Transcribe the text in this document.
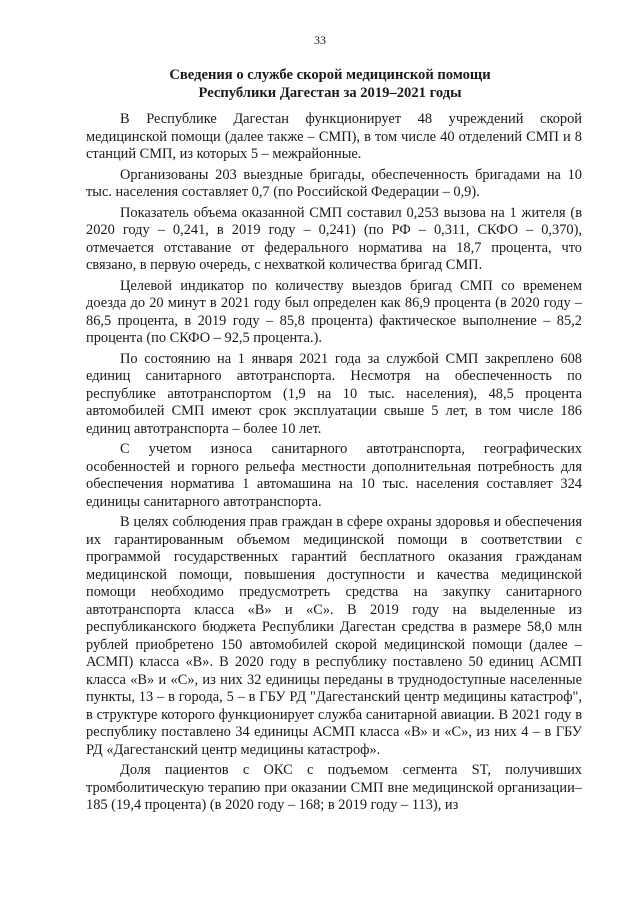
33
Сведения о службе скорой медицинской помощи
Республики Дагестан за 2019–2021 годы

В Республике Дагестан функционирует 48 учреждений скорой медицинской помощи (далее также – СМП), в том числе 40 отделений СМП и 8 станций СМП, из которых 5 – межрайонные.

Организованы 203 выездные бригады, обеспеченность бригадами на 10 тыс. населения составляет 0,7 (по Российской Федерации – 0,9).

Показатель объема оказанной СМП составил 0,253 вызова на 1 жителя (в 2020 году – 0,241, в 2019 году – 0,241) (по РФ – 0,311, СКФО – 0,370), отмечается отставание от федерального норматива на 18,7 процента, что связано, в первую очередь, с нехваткой количества бригад СМП.

Целевой индикатор по количеству выездов бригад СМП со временем доезда до 20 минут в 2021 году был определен как 86,9 процента (в 2020 году – 86,5 процента, в 2019 году – 85,8 процента) фактическое выполнение – 85,2 процента (по СКФО – 92,5 процента.).

По состоянию на 1 января 2021 года за службой СМП закреплено 608 единиц санитарного автотранспорта. Несмотря на обеспеченность по республике автотранспортом (1,9 на 10 тыс. населения), 48,5 процента автомобилей СМП имеют срок эксплуатации свыше 5 лет, в том числе 186 единиц автотранспорта – более 10 лет.

С учетом износа санитарного автотранспорта, географических особенностей и горного рельефа местности дополнительная потребность для обеспечения норматива 1 автомашина на 10 тыс. населения составляет 324 единицы санитарного автотранспорта.

В целях соблюдения прав граждан в сфере охраны здоровья и обеспечения их гарантированным объемом медицинской помощи в соответствии с программой государственных гарантий бесплатного оказания гражданам медицинской помощи, повышения доступности и качества медицинской помощи необходимо предусмотреть средства на закупку санитарного автотранспорта класса «В» и «С». В 2019 году на выделенные из республиканского бюджета Республики Дагестан средства в размере 58,0 млн рублей приобретено 150 автомобилей скорой медицинской помощи (далее – АСМП) класса «В». В 2020 году в республику поставлено 50 единиц АСМП класса «В» и «С», из них 32 единицы переданы в труднодоступные населенные пункты, 13 – в города, 5 – в ГБУ РД "Дагестанский центр медицины катастроф", в структуре которого функционирует служба санитарной авиации. В 2021 году в республику поставлено 34 единицы АСМП класса «В» и «С», из них 4 – в ГБУ РД «Дагестанский центр медицины катастроф».

Доля пациентов с ОКС с подъемом сегмента ST, получивших тромболитическую терапию при оказании СМП вне медицинской организации– 185 (19,4 процента) (в 2020 году – 168; в 2019 году – 113), из
